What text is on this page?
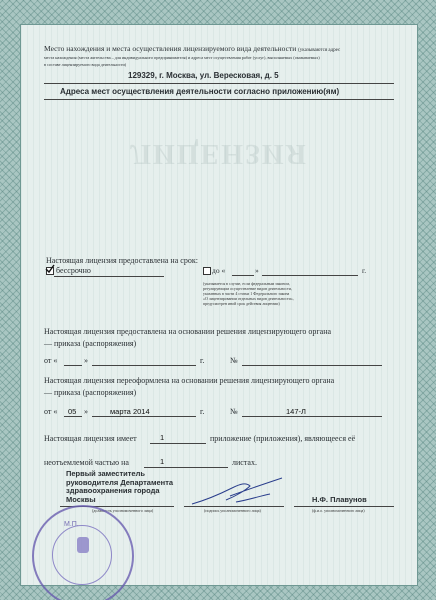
ЛИЦЕНЗИЯ
Место нахождения и места осуществления лицензируемого вида деятельности (указываются адрес
места нахождения (места жительства – для индивидуального предпринимателя) и адреса мест осуществления работ (услуг), выполняемых (оказываемых)
в составе лицензируемого вида деятельности)
129329, г. Москва, ул. Вересковая, д. 5
Адреса мест осуществления деятельности согласно приложению(ям)
Настоящая лицензия предоставлена на срок:
бессрочно	до «	»	г.
(указывается в случае, если федеральным законом,
регулирующим осуществление видов деятельности,
указанных в части 4 статьи 1 Федерального закона
«О лицензировании отдельных видов деятельности»,
предусмотрен иной срок действия лицензии)
Настоящая лицензия предоставлена на основании решения лицензирующего органа
— приказа (распоряжения)
от «	»	г.	№
Настоящая лицензия переоформлена на основании решения лицензирующего органа
— приказа (распоряжения)
от « 05 »	марта 2014	г.	№	147-Л
Настоящая лицензия имеет	1	приложение (приложения), являющееся её
неотъемлемой частью на	1	листах.
Первый заместитель
руководителя Департамента
здравоохранения города
Москвы
(должность уполномоченного лица)	(подпись уполномоченного лица)
Н.Ф. Плавунов
(ф.и.о. уполномоченного лица)
М.П.
